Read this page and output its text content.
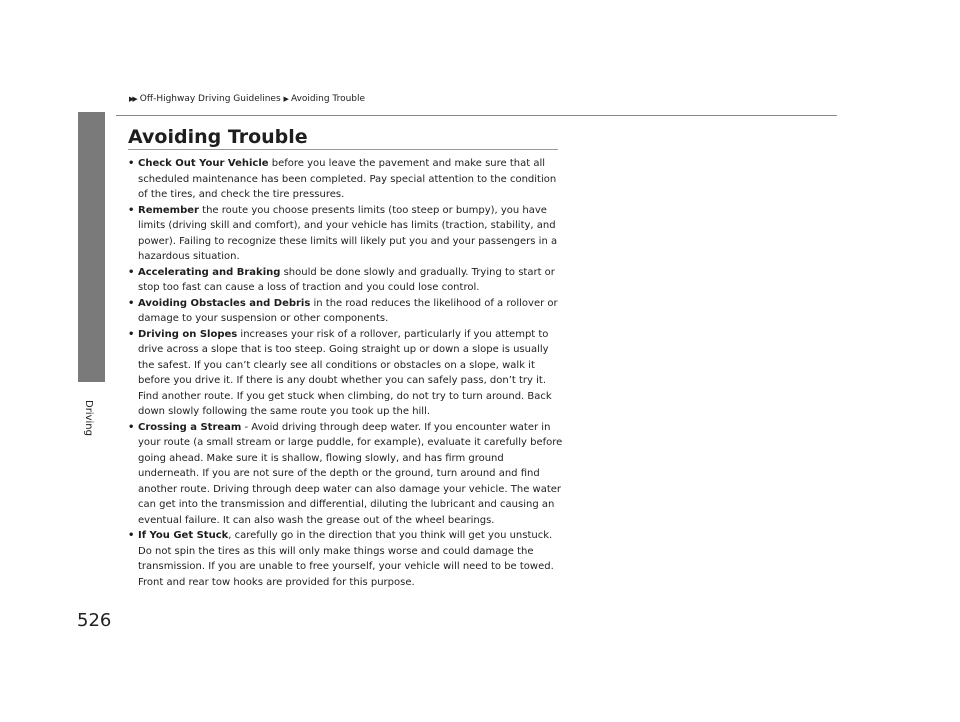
Driving
▶▶ Off-Highway Driving Guidelines ▶ Avoiding Trouble
Avoiding Trouble
• Check Out Your Vehicle before you leave the pavement and make sure that all scheduled maintenance has been completed. Pay special attention to the condition of the tires, and check the tire pressures.
• Remember the route you choose presents limits (too steep or bumpy), you have limits (driving skill and comfort), and your vehicle has limits (traction, stability, and power). Failing to recognize these limits will likely put you and your passengers in a hazardous situation.
• Accelerating and Braking should be done slowly and gradually. Trying to start or stop too fast can cause a loss of traction and you could lose control.
• Avoiding Obstacles and Debris in the road reduces the likelihood of a rollover or damage to your suspension or other components.
• Driving on Slopes increases your risk of a rollover, particularly if you attempt to drive across a slope that is too steep. Going straight up or down a slope is usually the safest. If you can’t clearly see all conditions or obstacles on a slope, walk it before you drive it. If there is any doubt whether you can safely pass, don’t try it. Find another route. If you get stuck when climbing, do not try to turn around. Back down slowly following the same route you took up the hill.
• Crossing a Stream - Avoid driving through deep water. If you encounter water in your route (a small stream or large puddle, for example), evaluate it carefully before going ahead. Make sure it is shallow, flowing slowly, and has firm ground underneath. If you are not sure of the depth or the ground, turn around and find another route. Driving through deep water can also damage your vehicle. The water can get into the transmission and differential, diluting the lubricant and causing an eventual failure. It can also wash the grease out of the wheel bearings.
• If You Get Stuck, carefully go in the direction that you think will get you unstuck. Do not spin the tires as this will only make things worse and could damage the transmission. If you are unable to free yourself, your vehicle will need to be towed. Front and rear tow hooks are provided for this purpose.
526
